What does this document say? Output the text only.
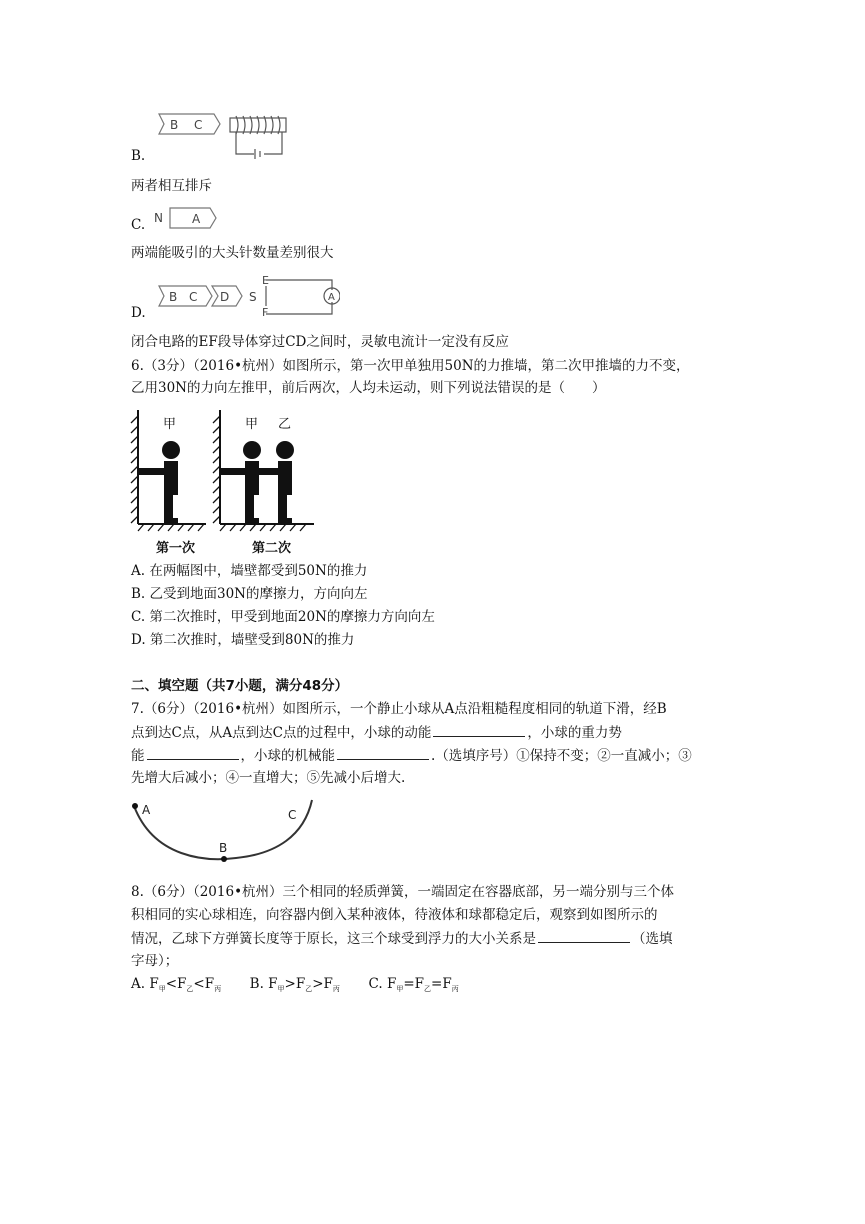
B C
B.
两者相互排斥
N A
C.
两端能吸引的大头针数量差别很大
B C D S
E
F
A
D.
闭合电路的EF段导体穿过CD之间时，灵敏电流计一定没有反应
6.（3分）（2016•杭州）如图所示，第一次甲单独用50N的力推墙，第二次甲推墙的力不变，
乙用30N的力向左推甲，前后两次，人均未运动，则下列说法错误的是（　　）
甲	甲 乙
第一次	第二次
A. 在两幅图中，墙壁都受到50N的推力
B. 乙受到地面30N的摩擦力，方向向左
C. 第二次推时，甲受到地面20N的摩擦力方向向左
D. 第二次推时，墙壁受到80N的推力
二、填空题（共7小题，满分48分）
7.（6分）（2016•杭州）如图所示，一个静止小球从A点沿粗糙程度相同的轨道下滑，经B
点到达C点，从A点到达C点的过程中，小球的动能	，小球的重力势
能	，小球的机械能	.（选填序号）①保持不变；②一直减小；③
先增大后减小；④一直增大；⑤先减小后增大.
A
B
C
8.（6分）（2016•杭州）三个相同的轻质弹簧，一端固定在容器底部，另一端分别与三个体
积相同的实心球相连，向容器内倒入某种液体，待液体和球都稳定后，观察到如图所示的
情况，乙球下方弹簧长度等于原长，这三个球受到浮力的大小关系是	（选填
字母）；
A. $F_甲<F_乙<F_丙$ B. $F_甲>F_乙>F_丙$ C. $F_甲=F_乙=F_丙$
